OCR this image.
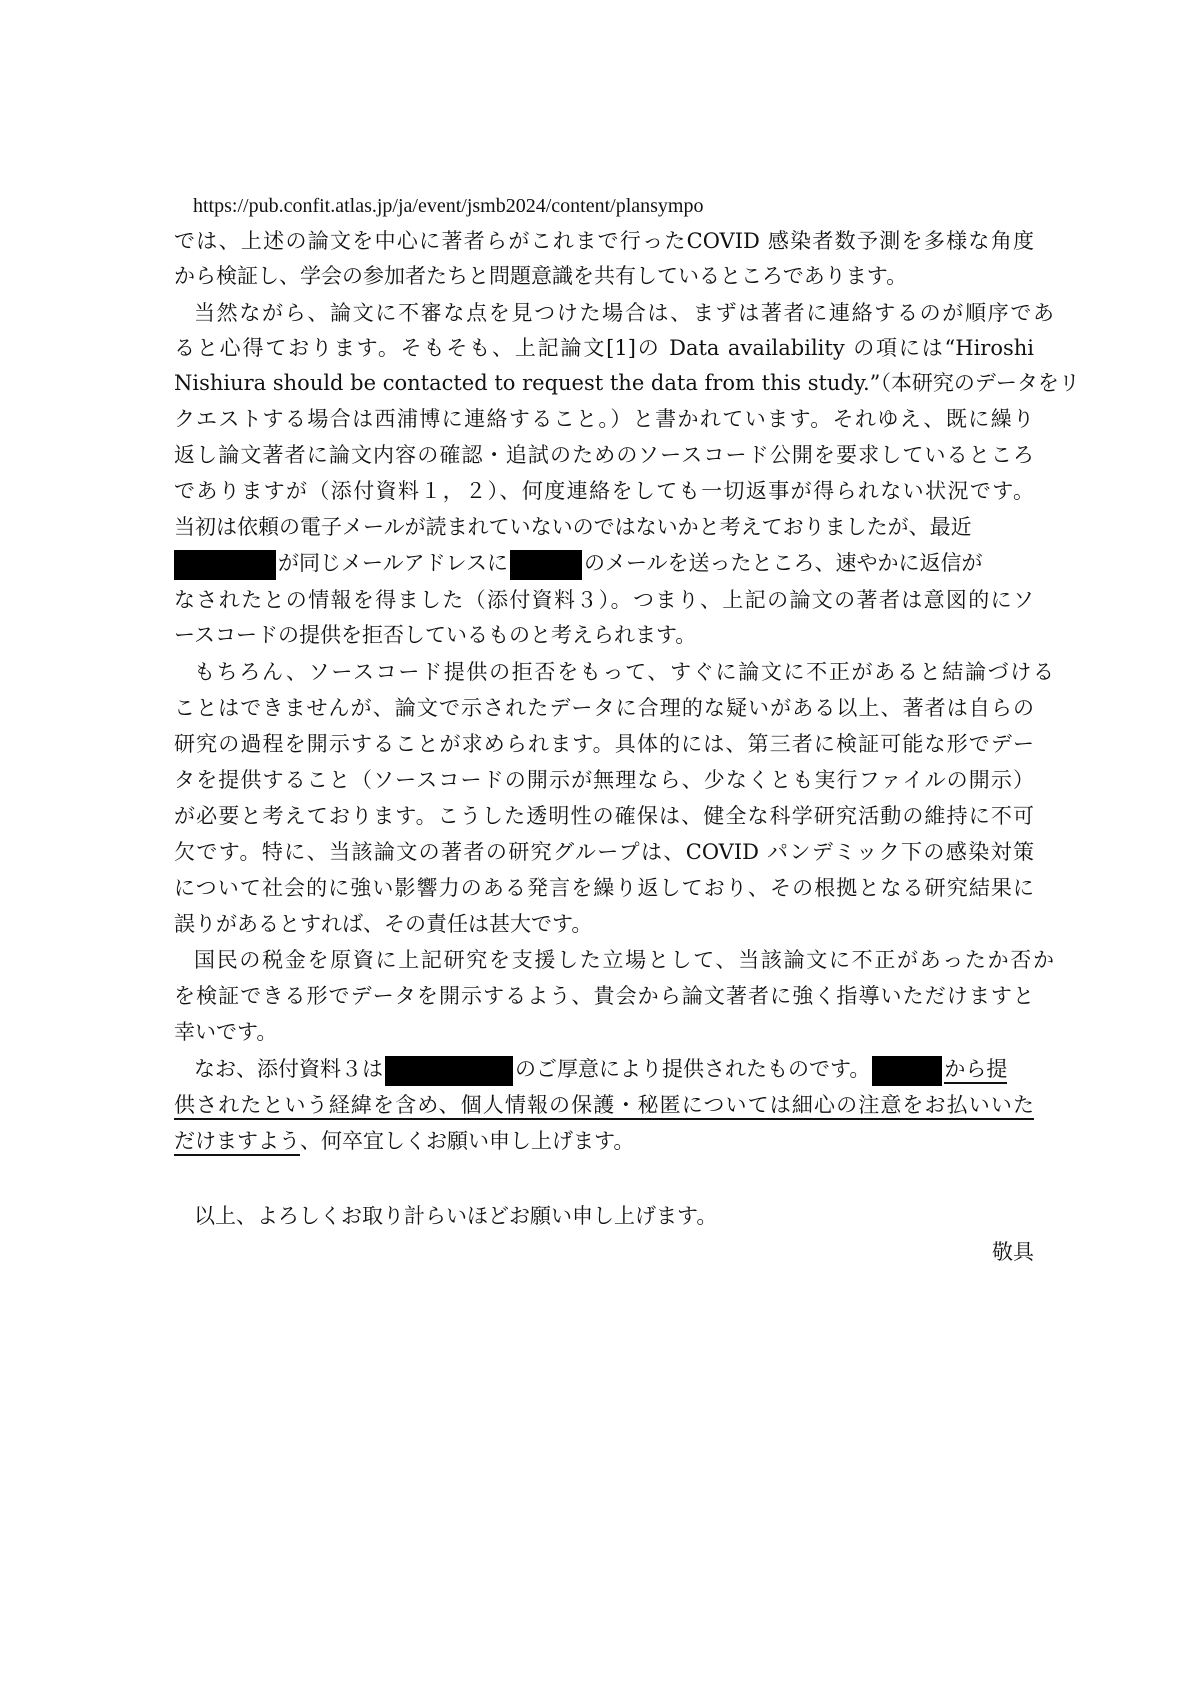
https://pub.confit.atlas.jp/ja/event/jsmb2024/content/plansympo
では、上述の論文を中心に著者らがこれまで行ったCOVID 感染者数予測を多様な角度
から検証し、学会の参加者たちと問題意識を共有しているところであります。
当然ながら、論文に不審な点を見つけた場合は、まずは著者に連絡するのが順序であ
ると心得ております。そもそも、上記論文[1]の Data availability の項には“Hiroshi
Nishiura should be contacted to request the data from this study.”（本研究のデータをリ
クエストする場合は西浦博に連絡すること。）と書かれています。それゆえ、既に繰り
返し論文著者に論文内容の確認・追試のためのソースコード公開を要求しているところ
でありますが（添付資料１，２）、何度連絡をしても一切返事が得られない状況です。
当初は依頼の電子メールが読まれていないのではないかと考えておりましたが、最近
が同じメールアドレスに	のメールを送ったところ、速やかに返信が
なされたとの情報を得ました（添付資料３）。つまり、上記の論文の著者は意図的にソ
ースコードの提供を拒否しているものと考えられます。
もちろん、ソースコード提供の拒否をもって、すぐに論文に不正があると結論づける
ことはできませんが、論文で示されたデータに合理的な疑いがある以上、著者は自らの
研究の過程を開示することが求められます。具体的には、第三者に検証可能な形でデー
タを提供すること（ソースコードの開示が無理なら、少なくとも実行ファイルの開示）
が必要と考えております。こうした透明性の確保は、健全な科学研究活動の維持に不可
欠です。特に、当該論文の著者の研究グループは、COVID パンデミック下の感染対策
について社会的に強い影響力のある発言を繰り返しており、その根拠となる研究結果に
誤りがあるとすれば、その責任は甚大です。
国民の税金を原資に上記研究を支援した立場として、当該論文に不正があったか否か
を検証できる形でデータを開示するよう、貴会から論文著者に強く指導いただけますと
幸いです。
なお、添付資料３は	のご厚意により提供されたものです。	から提
供されたという経緯を含め、個人情報の保護・秘匿については細心の注意をお払いいた
だけますよう、何卒宜しくお願い申し上げます。
以上、よろしくお取り計らいほどお願い申し上げます。
敬具
